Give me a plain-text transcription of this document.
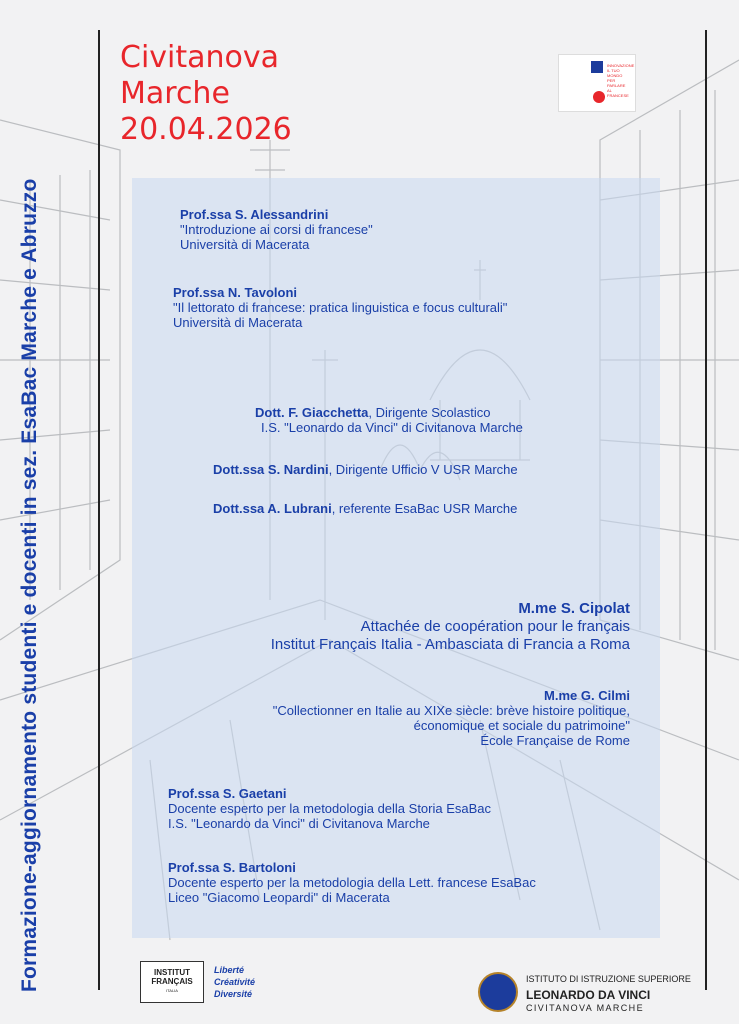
Formazione-aggiornamento studenti e docenti in sez. EsaBac Marche e Abruzzo
Civitanova
Marche
20.04.2026
INNOVAZIONE
IL TUO MONDO
PER PARLARE
AL FRANCESE
Prof.ssa S. Alessandrini
"Introduzione ai corsi di francese"
Università di Macerata
Prof.ssa N. Tavoloni
"Il lettorato di francese: pratica linguistica e focus culturali"
Università di Macerata
Dott. F. Giacchetta, Dirigente Scolastico
I.S. "Leonardo da Vinci" di Civitanova Marche
Dott.ssa S. Nardini, Dirigente Ufficio V USR Marche
Dott.ssa A. Lubrani, referente EsaBac USR Marche
M.me S. Cipolat
Attachée de coopération pour le français
Institut Français Italia - Ambasciata di Francia a Roma
M.me G. Cilmi
"Collectionner en Italie au XIXe siècle: brève histoire politique,
économique et sociale du patrimoine"
École Française de Rome
Prof.ssa S. Gaetani
Docente esperto per la metodologia della Storia EsaBac
I.S. "Leonardo da Vinci" di Civitanova Marche
Prof.ssa S. Bartoloni
Docente esperto per la metodologia della Lett. francese EsaBac
Liceo "Giacomo Leopardi" di Macerata
INSTITUT
FRANÇAIS
ITALIA
Liberté
Créativité
Diversité
ISTITUTO DI ISTRUZIONE SUPERIORE
LEONARDO DA VINCI
CIVITANOVA MARCHE
